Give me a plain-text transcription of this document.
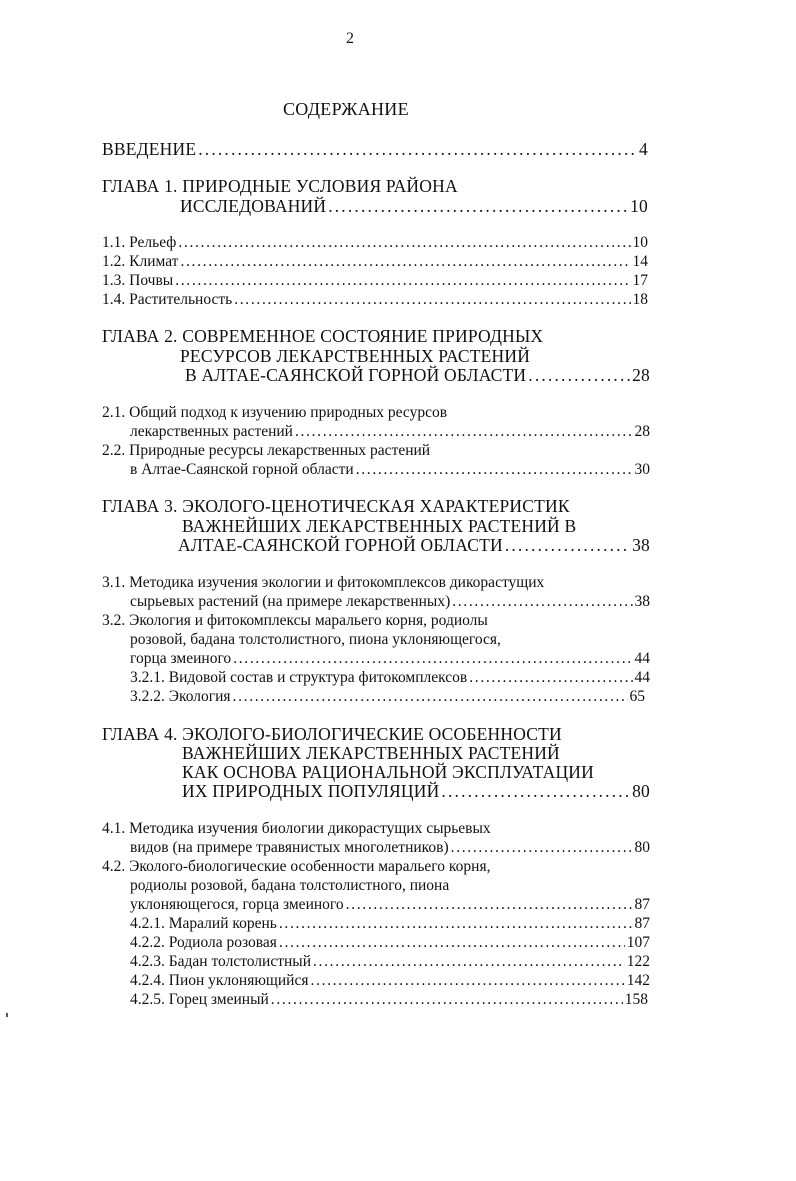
2
СОДЕРЖАНИЕ
ВВЕДЕНИЕ . . .	4
ГЛАВА 1. ПРИРОДНЫЕ УСЛОВИЯ РАЙОНА
ИССЛЕДОВАНИЙ . . .	10
1.1. Рельеф . . .	10
1.2. Климат . . .	14
1.3. Почвы . . .	17
1.4. Растительность . . .	18
ГЛАВА 2. СОВРЕМЕННОЕ СОСТОЯНИЕ ПРИРОДНЫХ
РЕСУРСОВ ЛЕКАРСТВЕННЫХ РАСТЕНИЙ
В АЛТАЕ-САЯНСКОЙ ГОРНОЙ ОБЛАСТИ . . .	28
2.1. Общий подход к изучению природных ресурсов
лекарственных растений . . .	28
2.2. Природные ресурсы лекарственных растений
в Алтае-Саянской горной области . . .	30
ГЛАВА 3. ЭКОЛОГО-ЦЕНОТИЧЕСКАЯ ХАРАКТЕРИСТИК
ВАЖНЕЙШИХ ЛЕКАРСТВЕННЫХ РАСТЕНИЙ В
АЛТАЕ-САЯНСКОЙ ГОРНОЙ ОБЛАСТИ . . .	38
3.1. Методика изучения экологии и фитокомплексов дикорастущих
сырьевых растений (на примере лекарственных) . . .	38
3.2. Экология и фитокомплексы маральего корня, родиолы
розовой, бадана толстолистного, пиона уклоняющегося,
горца змеиного . . .	44
3.2.1. Видовой состав и структура фитокомплексов . . .	44
3.2.2. Экология . . .	65
ГЛАВА 4. ЭКОЛОГО-БИОЛОГИЧЕСКИЕ ОСОБЕННОСТИ
ВАЖНЕЙШИХ ЛЕКАРСТВЕННЫХ РАСТЕНИЙ
КАК ОСНОВА РАЦИОНАЛЬНОЙ ЭКСПЛУАТАЦИИ
ИХ ПРИРОДНЫХ ПОПУЛЯЦИЙ . . .	80
4.1. Методика изучения биологии дикорастущих сырьевых
видов (на примере травянистых многолетников) . . .	80
4.2. Эколого-биологические особенности маральего корня,
родиолы розовой, бадана толстолистного, пиона
уклоняющегося, горца змеиного . . .	87
4.2.1. Маралий корень . . .	87
4.2.2. Родиола розовая . . .	107
4.2.3. Бадан толстолистный . . .	122
4.2.4. Пион уклоняющийся . . .	142
4.2.5. Горец змеиный . . .	158
